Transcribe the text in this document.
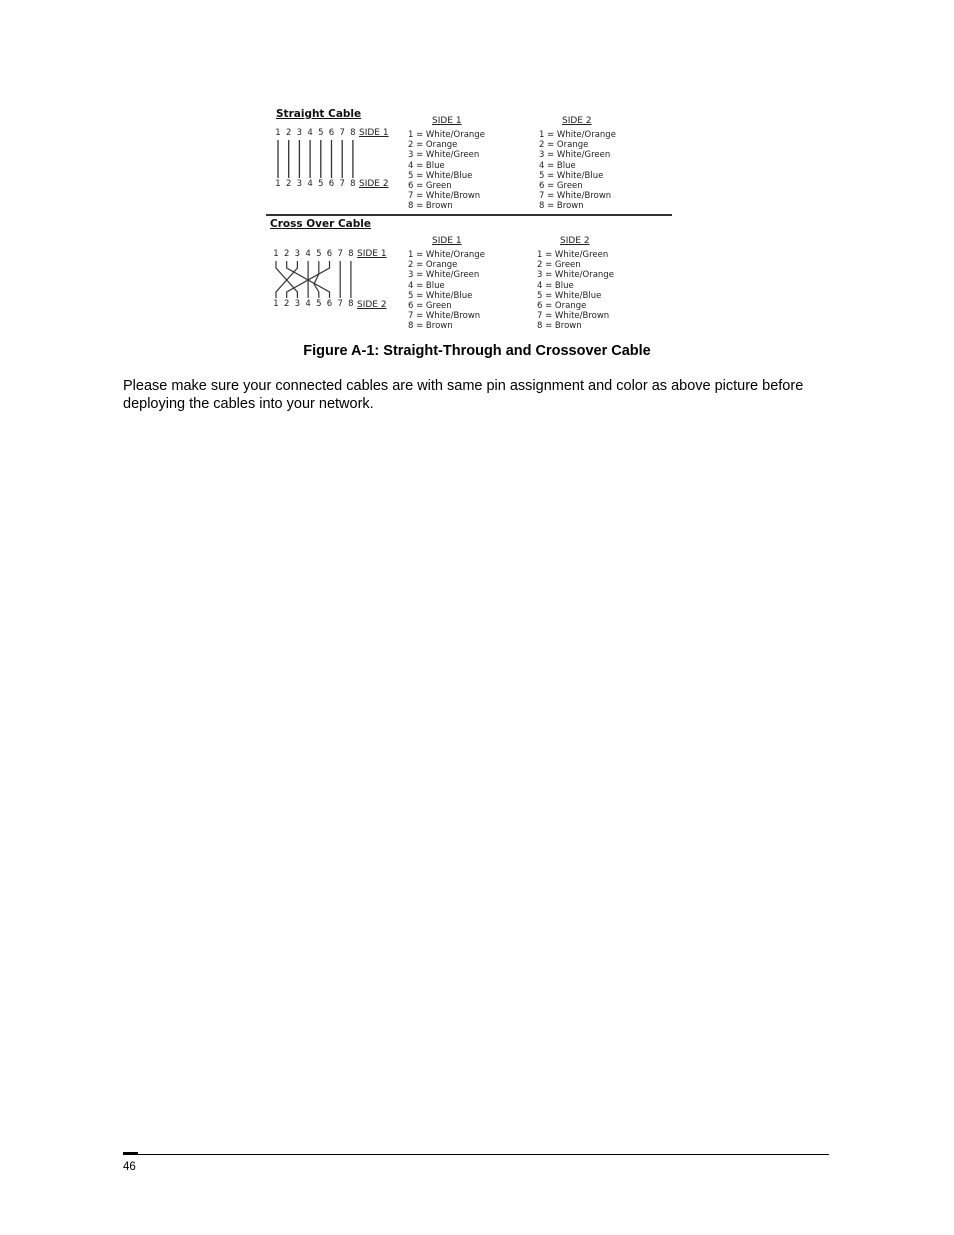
Straight Cable
1 2 3 4 5 6 7 8 SIDE 1
1 2 3 4 5 6 7 8 SIDE 2
SIDE 1	SIDE 2
1 = White/Orange
2 = Orange
3 = White/Green
4 = Blue
5 = White/Blue
6 = Green
7 = White/Brown
8 = Brown
1 = White/Orange
2 = Orange
3 = White/Green
4 = Blue
5 = White/Blue
6 = Green
7 = White/Brown
8 = Brown
Cross Over Cable
1 2 3 4 5 6 7 8 SIDE 1
1 2 3 4 5 6 7 8 SIDE 2
SIDE 1	SIDE 2
1 = White/Orange
2 = Orange
3 = White/Green
4 = Blue
5 = White/Blue
6 = Green
7 = White/Brown
8 = Brown
1 = White/Green
2 = Green
3 = White/Orange
4 = Blue
5 = White/Blue
6 = Orange
7 = White/Brown
8 = Brown
Figure A-1: Straight-Through and Crossover Cable

Please make sure your connected cables are with same pin assignment and color as above picture before deploying the cables into your network.

46
